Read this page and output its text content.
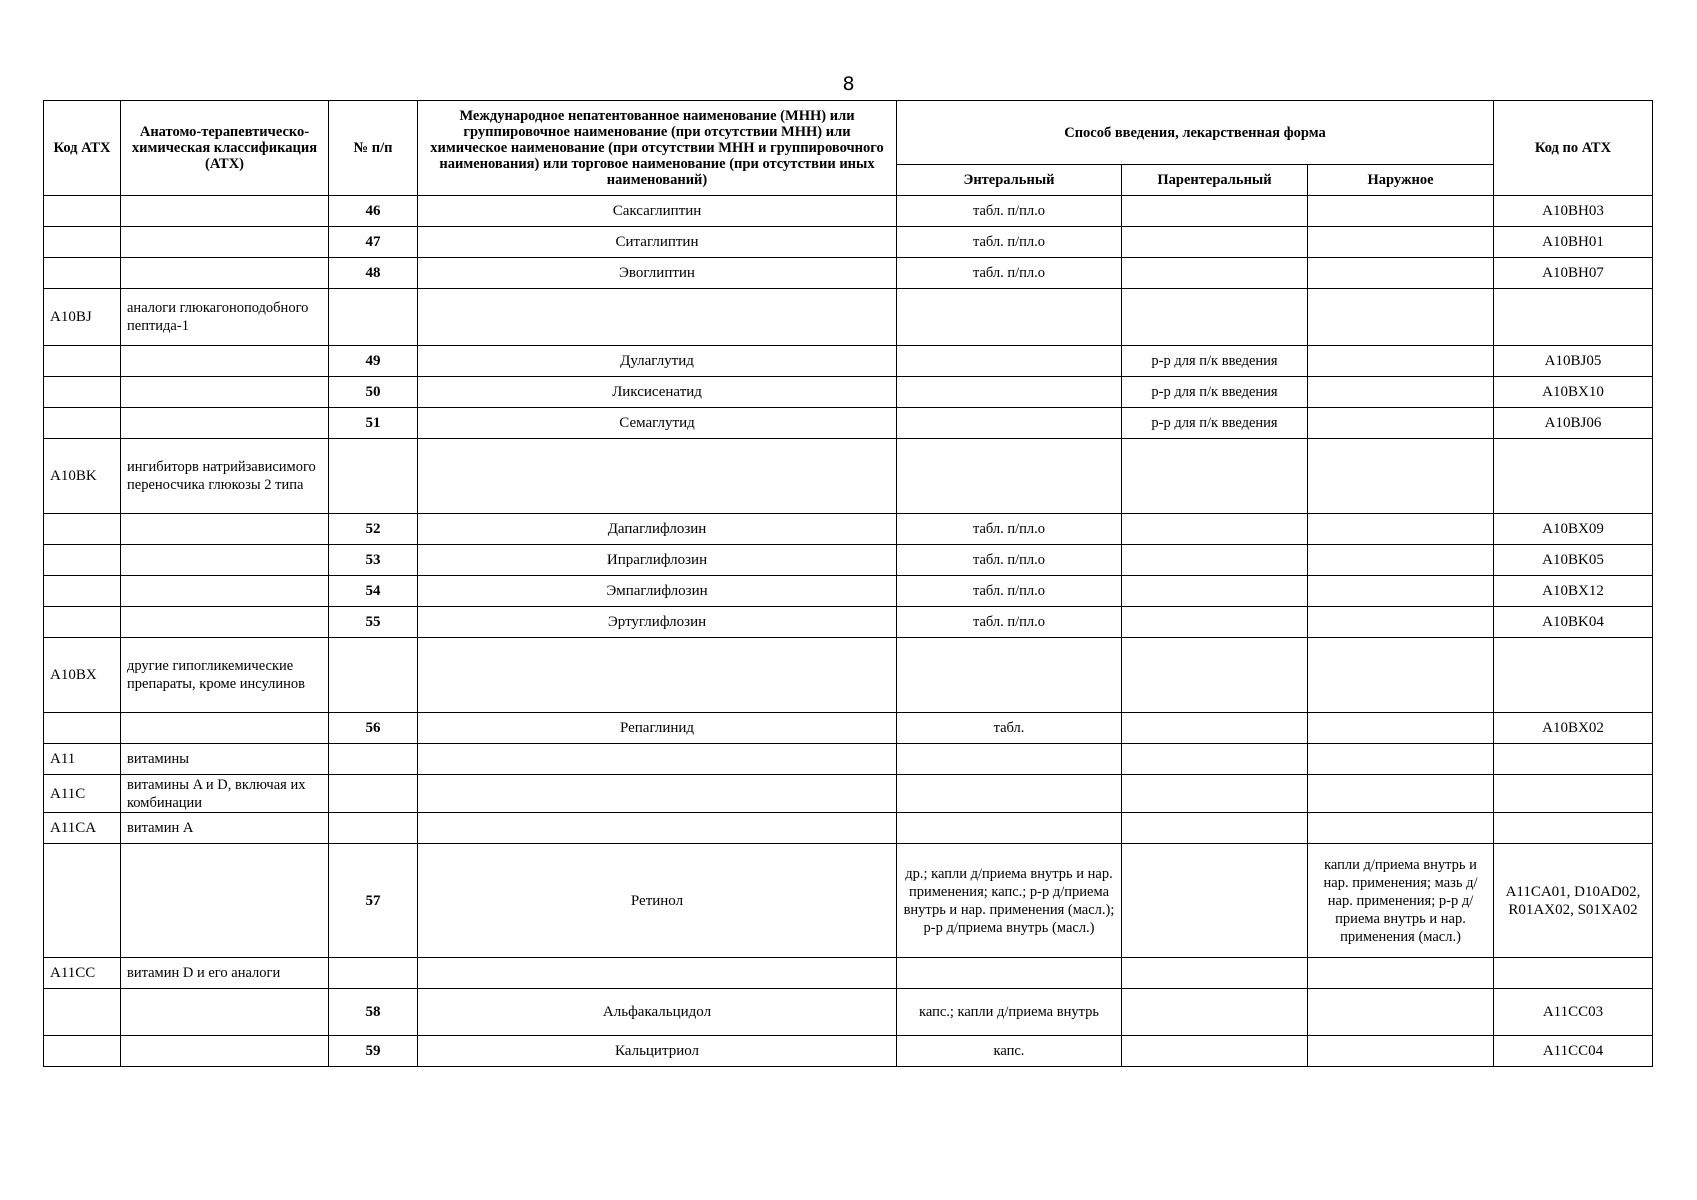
8
Код АТХ	Анатомо-терапевтическо-химическая классификация (АТХ)	№ п/п	Международное непатентованное наименование (МНН) или группировочное наименование (при отсутствии МНН) или химическое наименование (при отсутствии МНН и группировочного наименования) или торговое наименование (при отсутствии иных наименований)	Способ введения, лекарственная форма			Код по АТХ
				Энтеральный	Парентеральный	Наружное	
		46	Саксаглиптин	табл. п/пл.о			A10BH03
		47	Ситаглиптин	табл. п/пл.о			A10BH01
		48	Эвоглиптин	табл. п/пл.о			A10BH07
A10BJ	аналоги глюкагоноподобного пептида-1						
		49	Дулаглутид		р-р для п/к введения		A10BJ05
		50	Ликсисенатид		р-р для п/к введения		A10BX10
		51	Семаглутид		р-р для п/к введения		A10BJ06
A10BK	ингибиторв натрийзависимого переносчика глюкозы 2 типа						
		52	Дапаглифлозин	табл. п/пл.о			A10BX09
		53	Ипраглифлозин	табл. п/пл.о			A10BK05
		54	Эмпаглифлозин	табл. п/пл.о			A10BX12
		55	Эртуглифлозин	табл. п/пл.о			A10BK04
A10BX	другие гипогликемические препараты, кроме инсулинов						
		56	Репаглинид	табл.			A10BX02
A11	витамины						
A11C	витамины A и D, включая их комбинации						
A11CA	витамин A						
		57	Ретинол	др.; капли д/приема внутрь и нар. применения; капс.; р-р д/приема внутрь и нар. применения (масл.); р-р д/приема внутрь (масл.)		капли д/приема внутрь и нар. применения; мазь д/нар. применения; р-р д/приема внутрь и нар. применения (масл.)	A11CA01, D10AD02, R01AX02, S01XA02
A11CC	витамин D и его аналоги						
		58	Альфакальцидол	капс.; капли д/приема внутрь			A11CC03
		59	Кальцитриол	капс.			A11CC04
